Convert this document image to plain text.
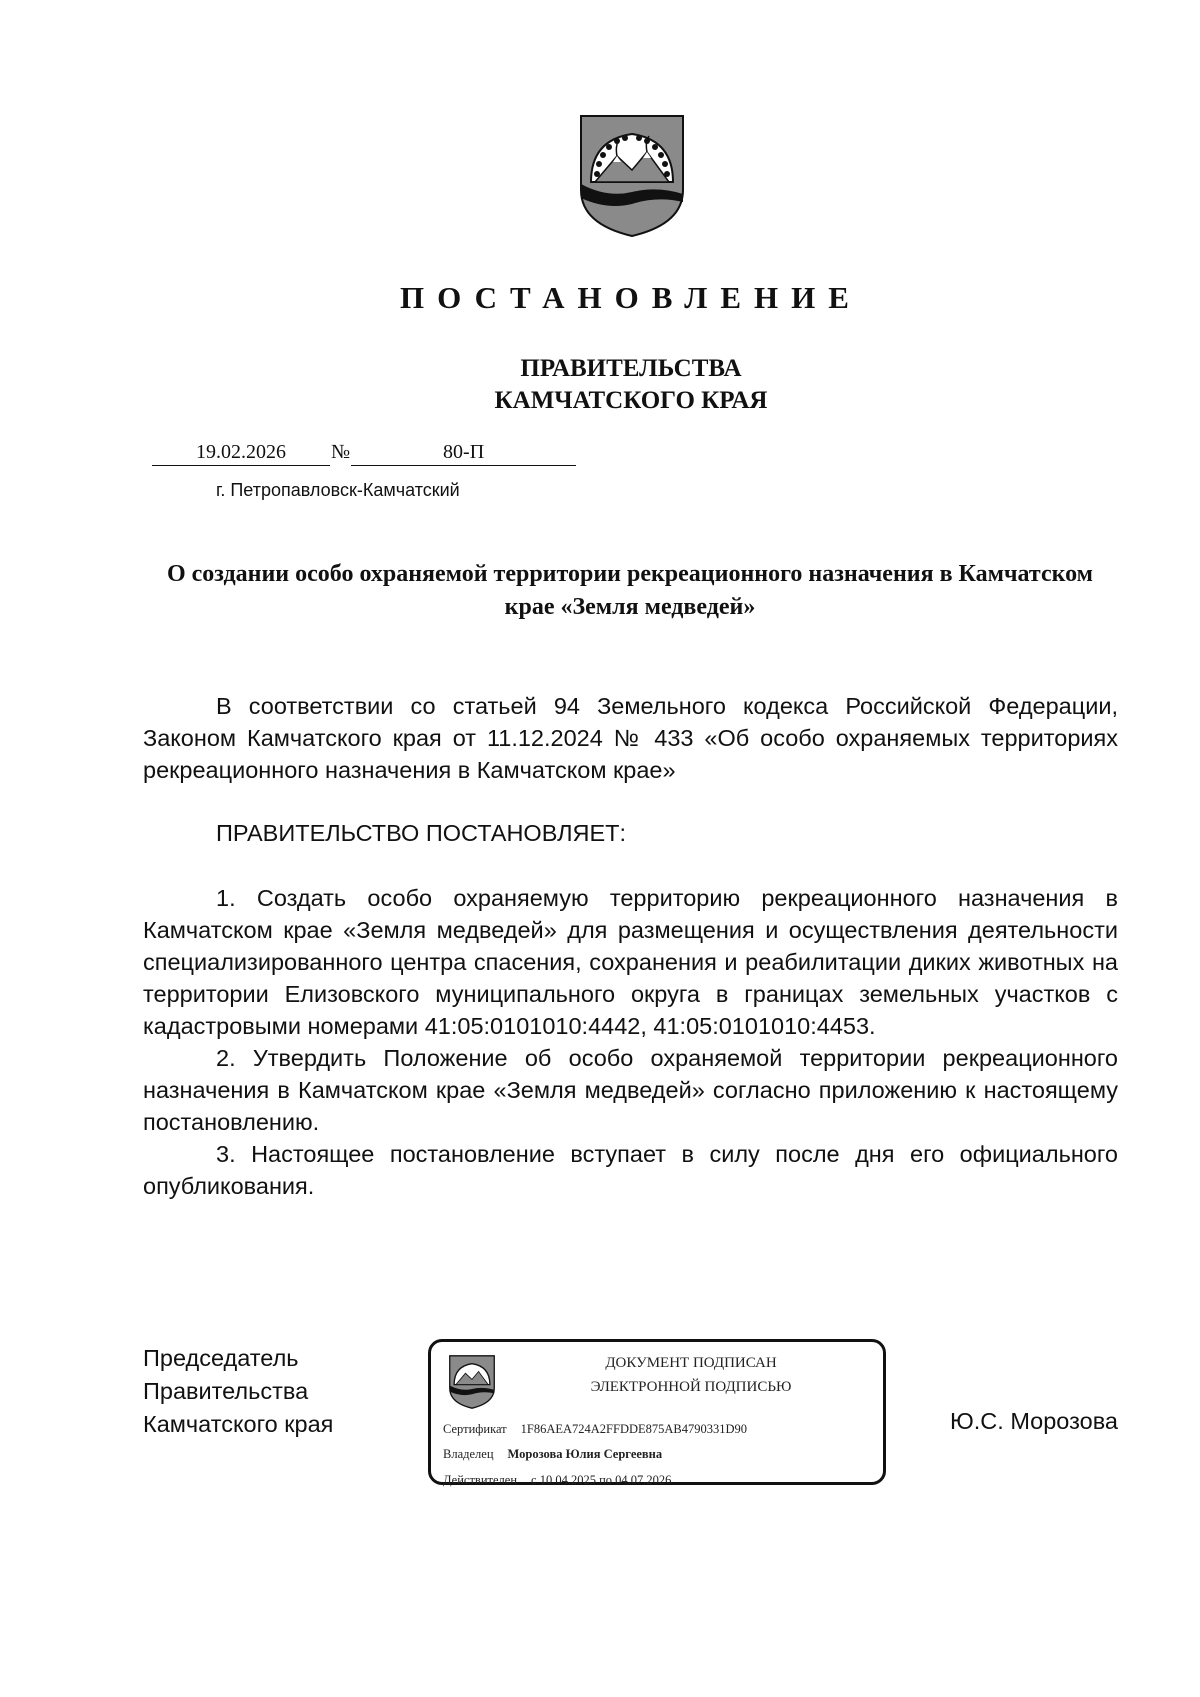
ПОСТАНОВЛЕНИЕ
ПРАВИТЕЛЬСТВА
КАМЧАТСКОГО КРАЯ
19.02.2026 №	80-П
г. Петропавловск-Камчатский
О создании особо охраняемой территории рекреационного назначения в Камчатском крае «Земля медведей»

В соответствии со статьей 94 Земельного кодекса Российской Федерации, Законом Камчатского края от 11.12.2024 № 433 «Об особо охраняемых территориях рекреационного назначения в Камчатском крае»

ПРАВИТЕЛЬСТВО ПОСТАНОВЛЯЕТ:

1. Создать особо охраняемую территорию рекреационного назначения в Камчатском крае «Земля медведей» для размещения и осуществления деятельности специализированного центра спасения, сохранения и реабилитации диких животных на территории Елизовского муниципального округа в границах земельных участков с кадастровыми номерами 41:05:0101010:4442, 41:05:0101010:4453.

2. Утвердить Положение об особо охраняемой территории рекреационного назначения в Камчатском крае «Земля медведей» согласно приложению к настоящему постановлению.

3. Настоящее постановление вступает в силу после дня его официального опубликования.

Председатель
Правительства
Камчатского края
ДОКУМЕНТ ПОДПИСАН
ЭЛЕКТРОННОЙ ПОДПИСЬЮ
Сертификат 1F86AEA724A2FFDDE875AB4790331D90
Владелец Морозова Юлия Сергеевна
Действителен с 10.04.2025 по 04.07.2026
Ю.С. Морозова
